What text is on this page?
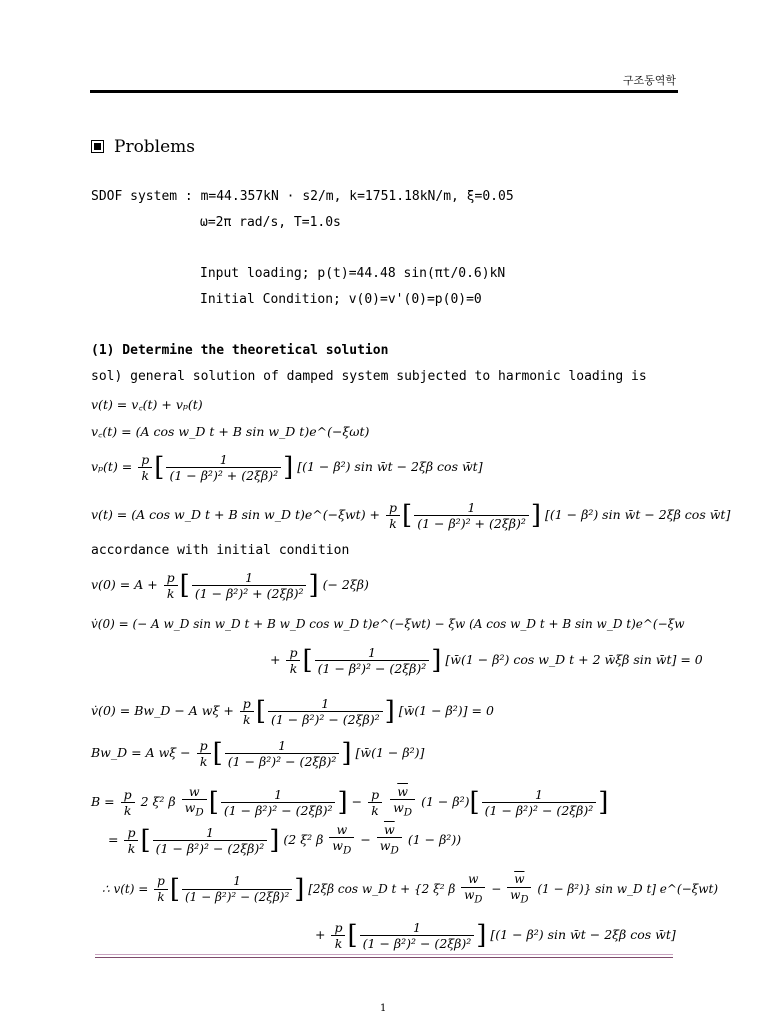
구조동역학
Problems
SDOF system : m=44.357kN · s2/m, k=1751.18kN/m, ξ=0.05
ω=2π rad/s, T=1.0s
Input loading; p(t)=44.48 sin(πt/0.6)kN
Initial Condition; v(0)=v'(0)=p(0)=0
(1) Determine the theoretical solution
sol) general solution of damped system subjected to harmonic loading is
v(t) = v꜀(t) + vₚ(t)
v꜀(t) = (A cos w_D t + B sin w_D t)e^(−ξωt)
$v_p(t) = \frac{p}{k}$ [ $\frac{1}{\text{(1 − β²)² + (2ξβ)²}}$ ] [(1 − β²) sin w̄t − 2ξβ cos w̄t]
v(t) = (A cos w_D t + B sin w_D t)e^(−ξwt) + $\frac{p}{k}$ [ $\frac{1}{\text{(1 − β²)² + (2ξβ)²}}$ ] [(1 − β²) sin w̄t − 2ξβ cos w̄t]
accordance with initial condition
$v(0) = A + \frac{p}{k}$ [ $\frac{1}{\text{(1 − β²)² + (2ξβ)²}}$ ] (− 2ξβ)
v̇(0) = (− A w_D sin w_D t + B w_D cos w_D t)e^(−ξwt) − ξw (A cos w_D t + B sin w_D t)e^(−ξw
+ $\frac{p}{k}$ [ $\frac{1}{\text{(1 − β²)² − (2ξβ)²}}$ ] [w̄(1 − β²) cos w_D t + 2 w̄ξβ sin w̄t] = 0
v̇(0) = Bw_D − A $w\xi + \frac{p}{k}$ [ $\frac{1}{\text{(1 − β²)² − (2ξβ)²}}$ ] [w̄(1 − β²)] = 0
Bw_D = A $w\xi - \frac{p}{k}$ [ $\frac{1}{\text{(1 − β²)² − (2ξβ)²}}$ ] [w̄(1 − β²)]
$B = \frac{p}{k} 2$ ξ² β $\frac{w}{w_D}$ [ $\frac{1}{\text{(1 − β²)² − (2ξβ)²}}$ ] − $\frac{p}{k}$
$\frac{\overline{w}}{w_D} (1 - \beta^2)[ \frac{1}{\text{(1 − β²)² − (2ξβ)²}}$ ]
= $\frac{p}{k}$ [ $\frac{1}{\text{(1 − β²)² − (2ξβ)²}}$ ] (2 ξ² β $\frac{w}{w_D} - \frac{\overline{w}}{w_D} (1 - \beta^2)$)
∴ $v(t) = \frac{p}{k}$ [ $\frac{1}{\text{(1 − β²)² − (2ξβ)²}}$ ] [2ξβ cos w_D t + {2 ξ² β $\frac{w}{w_D} - \frac{\overline{w}}{w_D} (1 - \beta^2)$} sin w_D t] e^(−ξwt)
+ $\frac{p}{k}$ [ $\frac{1}{\text{(1 − β²)² − (2ξβ)²}}$ ] [(1 − β²) sin w̄t − 2ξβ cos w̄t]
1
